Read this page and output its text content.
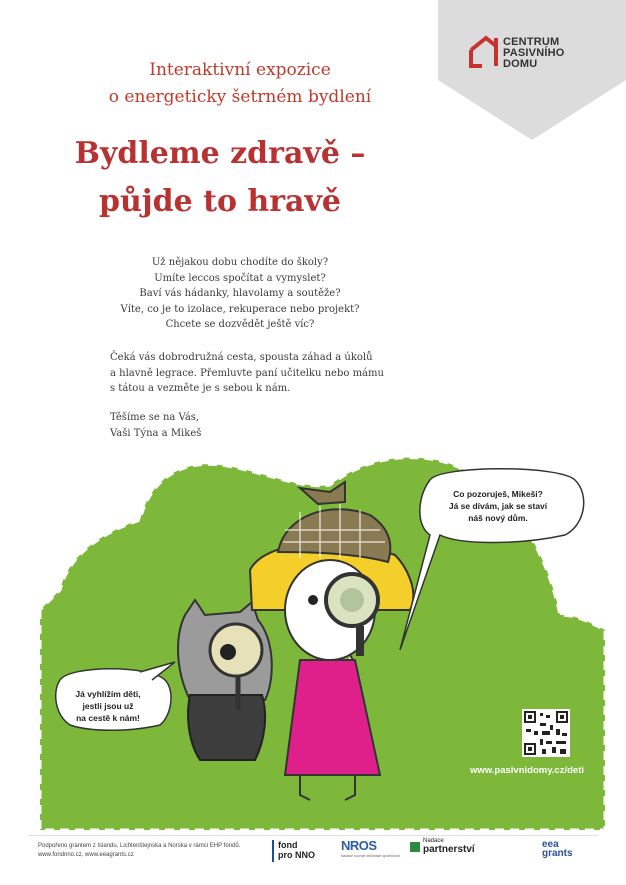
CENTRUM
PASIVNÍHO
DOMU
Interaktivní expozice
o energeticky šetrném bydlení
Bydleme zdravě –
půjde to hravě
Už nějakou dobu chodíte do školy?
Umíte leccos spočítat a vymyslet?
Baví vás hádanky, hlavolamy a soutěže?
Víte, co je to izolace, rekuperace nebo projekt?
Chcete se dozvědět ještě víc?
Čeká vás dobrodružná cesta, spousta záhad a úkolů
a hlavně legrace. Přemluvte paní učitelku nebo mámu
s tátou a vezměte je s sebou k nám.
Těšíme se na Vás,
Vaši Týna a Mikeš
Co pozoruješ, Mikeši?
Já se dívám, jak se staví
náš nový dům.
Já vyhlížím děti,
jestli jsou už
na cestě k nám!
www.pasivnidomy.cz/deti
Podpořeno grantem z Islandu, Lichtenštejnska a Norska v rámci EHP fondů.
www.fondnno.cz, www.eeagrants.cz
fond
pro NNO
NROS
Nadace rozvoje občanské společnosti
Nadace
partnerství	eea
grants
